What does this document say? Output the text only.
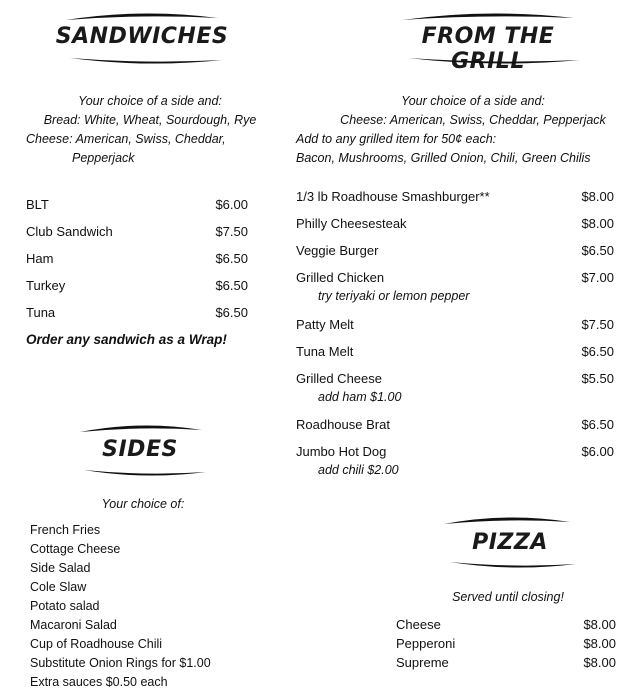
SANDWICHES
Your choice of a side and:
Bread: White, Wheat, Sourdough, Rye
Cheese: American, Swiss, Cheddar,
Pepperjack
BLT	$6.00
Club Sandwich	$7.50
Ham	$6.50
Turkey	$6.50
Tuna	$6.50
Order any sandwich as a Wrap!
FROM THE GRILL
Your choice of a side and:
Cheese: American, Swiss, Cheddar, Pepperjack
Add to any grilled item for 50¢ each:
Bacon, Mushrooms, Grilled Onion, Chili, Green Chilis
1/3 lb Roadhouse Smashburger**	$8.00
Philly Cheesesteak	$8.00
Veggie Burger	$6.50
Grilled Chicken	$7.00
try teriyaki or lemon pepper
Patty Melt	$7.50
Tuna Melt	$6.50
Grilled Cheese	$5.50
add ham $1.00
Roadhouse Brat	$6.50
Jumbo Hot Dog	$6.00
add chili $2.00
SIDES
Your choice of:
French Fries
Cottage Cheese
Side Salad
Cole Slaw
Potato salad
Macaroni Salad
Cup of Roadhouse Chili
Substitute Onion Rings for $1.00
Extra sauces $0.50 each
PIZZA
Served until closing!
Cheese	$8.00
Pepperoni	$8.00
Supreme	$8.00
